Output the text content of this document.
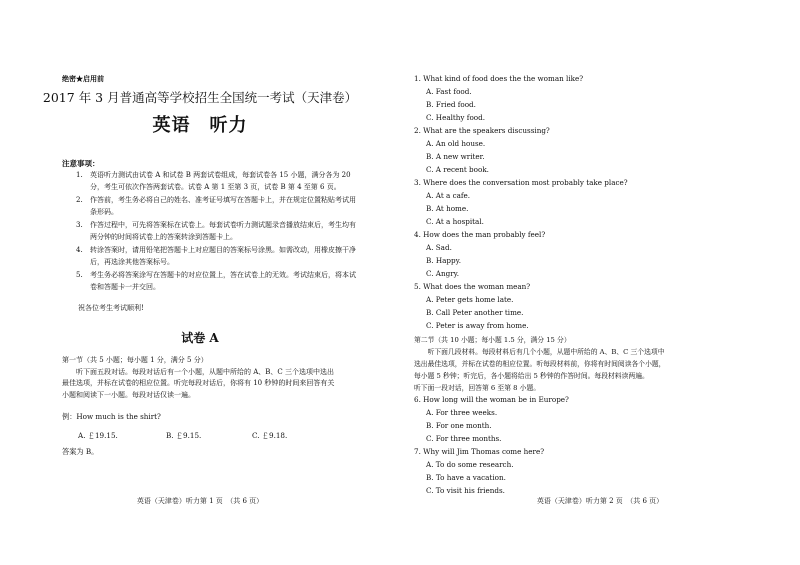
绝密★启用前
2017 年 3 月普通高等学校招生全国统一考试（天津卷）
英语　听力
注意事项：
1.	英语听力测试由试卷 A 和试卷 B 两套试卷组成，每套试卷各 15 小题，满分各为 20 分，考生可依次作答两套试卷。试卷 A 第 1 至第 3 页，试卷 B 第 4 至第 6 页。
2.	作答前，考生务必将自己的姓名、准考证号填写在答题卡上，并在规定位置粘贴考试用条形码。
3.	作答过程中，可先将答案标在试卷上。每套试卷听力测试题录音播放结束后，考生均有两分钟的时间将试卷上的答案转涂到答题卡上。
4.	转涂答案时，请用铅笔把答题卡上对应题目的答案标号涂黑。如需改动，用橡皮擦干净后，再选涂其他答案标号。
5.	考生务必将答案涂写在答题卡的对应位置上，答在试卷上的无效。考试结束后，将本试卷和答题卡一并交回。
祝各位考生考试顺利!
试卷 A
第一节（共 5 小题；每小题 1 分，满分 5 分）
　　听下面五段对话。每段对话后有一个小题，从题中所给的 A、B、C 三个选项中选出
最佳选项，并标在试卷的相应位置。听完每段对话后，你将有 10 秒钟的时间来回答有关
小题和阅读下一小题。每段对话仅读一遍。
例：How much is the shirt?
A. ￡19.15.	B. ￡9.15.	C. ￡9.18.
答案为 B。
英语（天津卷）听力第 1 页　（共 6 页）
1. What kind of food does the the woman like?
A. Fast food.
B. Fried food.
C. Healthy food.
2. What are the speakers discussing?
A. An old house.
B. A new writer.
C. A recent book.
3. Where does the conversation most probably take place?
A. At a cafe.
B. At home.
C. At a hospital.
4. How does the man probably feel?
A. Sad.
B. Happy.
C. Angry.
5. What does the woman mean?
A. Peter gets home late.
B. Call Peter another time.
C. Peter is away from home.
第二节（共 10 小题；每小题 1.5 分，满分 15 分）
　　听下面几段材料。每段材料后有几个小题，从题中所给的 A、B、C 三个选项中
选出最佳选项，并标在试卷的相应位置。听每段材料前，你将有时间阅读各个小题，
每小题 5 秒钟；听完后，各小题将给出 5 秒钟的作答时间。每段材料读两遍。
听下面一段对话，回答第 6 至第 8 小题。
6. How long will the woman be in Europe?
A. For three weeks.
B. For one month.
C. For three months.
7. Why will Jim Thomas come here?
A. To do some research.
B. To have a vacation.
C. To visit his friends.
英语（天津卷）听力第 2 页　（共 6 页）
